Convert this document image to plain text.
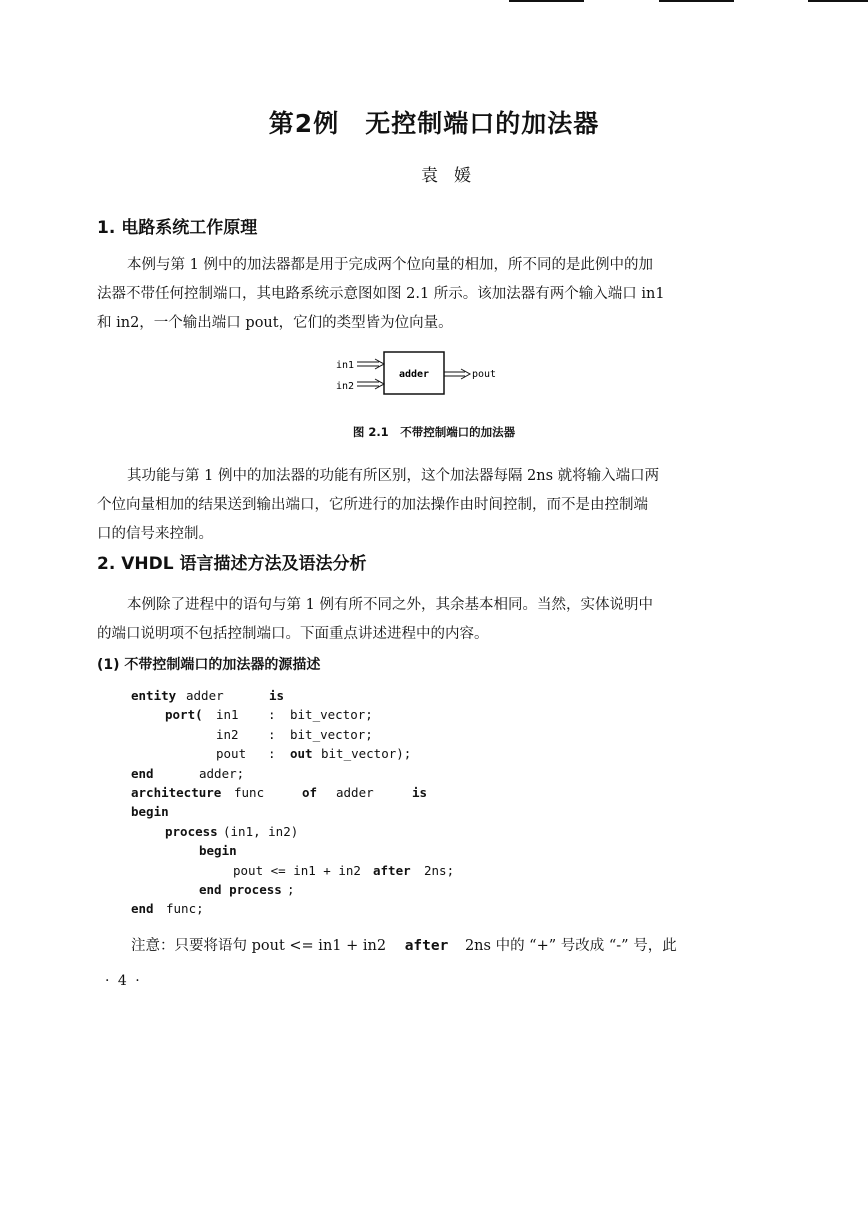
第2例　无控制端口的加法器
袁媛
1. 电路系统工作原理
本例与第 1 例中的加法器都是用于完成两个位向量的相加，所不同的是此例中的加
法器不带任何控制端口，其电路系统示意图如图 2.1 所示。该加法器有两个输入端口 in1
和 in2，一个输出端口 pout，它们的类型皆为位向量。
adder
in1
in2
pout
图 2.1　不带控制端口的加法器
其功能与第 1 例中的加法器的功能有所区别，这个加法器每隔 2ns 就将输入端口两
个位向量相加的结果送到输出端口，它所进行的加法操作由时间控制，而不是由控制端
口的信号来控制。
2. VHDL 语言描述方法及语法分析
本例除了进程中的语句与第 1 例有所不同之外，其余基本相同。当然，实体说明中
的端口说明项不包括控制端口。下面重点讲述进程中的内容。
(1) 不带控制端口的加法器的源描述

entity

adder

	is

port(

in1

:

bit_vector;

in2

:

bit_vector;

pout

:

out

bit_vector);

end

	adder;

architecture

func

	of

adder

	is

begin

process

(in1, in2)

begin

pout <= in1 + in2

after

2ns;

end process

;

end

func;

注意：只要将语句 pout <= in1 + in2 after 2ns 中的 “+” 号改成 “-” 号，此
· 4 ·
